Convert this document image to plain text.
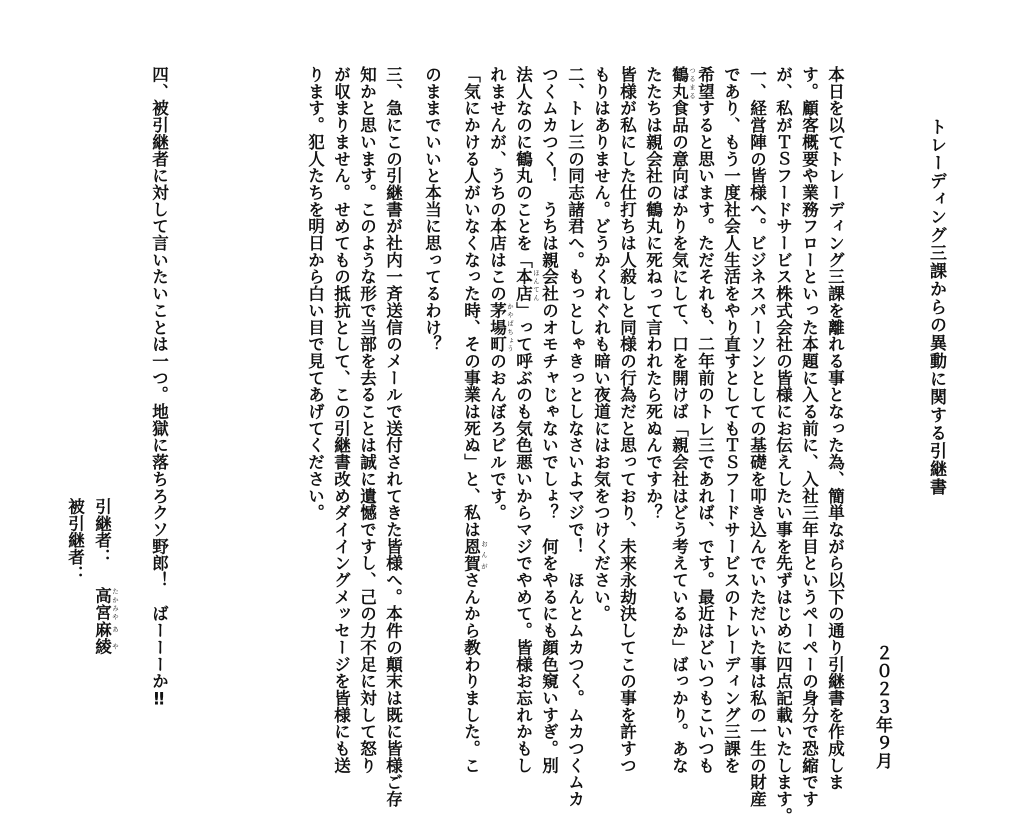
トレーディング三課からの異動に関する引継書
２０２３年９月
本日を以てトレーディング三課を離れる事となった為、簡単ながら以下の通り引継書を作成しま
す。顧客概要や業務フローといった本題に入る前に、入社三年目というペーペーの身分で恐縮です
が、私がＴＳフードサービス株式会社の皆様にお伝えしたい事を先ずはじめに四点記載いたします。
一、経営陣の皆様へ。ビジネスパーソンとしての基礎を叩き込んでいただいた事は私の一生の財産
であり、もう一度社会人生活をやり直すとしてもＴＳフードサービスのトレーディング三課を
希望すると思います。ただそれも、二年前のトレ三であれば、です。最近はどいつもこいつも
鶴丸 つるまる食品の意向ばかりを気にして、口を開けば「親会社はどう考えているか」ばっかり。あな
たたちは親会社の鶴丸に死ねって言われたら死ぬんですか？
皆様が私にした仕打ちは人殺しと同様の行為だと思っており、未来永劫決してこの事を許すつ
もりはありません。どうかくれぐれも暗い夜道にはお気をつけください。
二、トレ三の同志諸君へ。もっとしゃきっとしなさいよマジで！　ほんとムカつく。ムカつくムカ
つくムカつく！　うちは親会社のオモチャじゃないでしょ？　何をやるにも顔色窺いすぎ。別
法人なのに鶴丸のことを「本店 ほんてん」って呼ぶのも気色悪いからマジでやめて。皆様お忘れかもし
れませんが、うちの本店はこの茅場町 かやばちょうのおんぼろビルです。
「気にかける人がいなくなった時、その事業は死ぬ」と、私は恩賀 おんがさんから教わりました。こ
のままでいいと本当に思ってるわけ？
三、急にこの引継書が社内一斉送信のメールで送付されてきた皆様へ。本件の顛末は既に皆様ご存
知かと思います。このような形で当部を去ることは誠に遺憾ですし、己の力不足に対して怒り
が収まりません。せめてもの抵抗として、この引継書改めダイイングメッセージを皆様にも送
ります。犯人たちを明日から白い目で見てあげてください。
四、被引継者に対して言いたいことは一つ。地獄に落ちろクソ野郎！　ばーーーか‼
引継者：高宮 たかみや麻綾 あや
被引継者：
